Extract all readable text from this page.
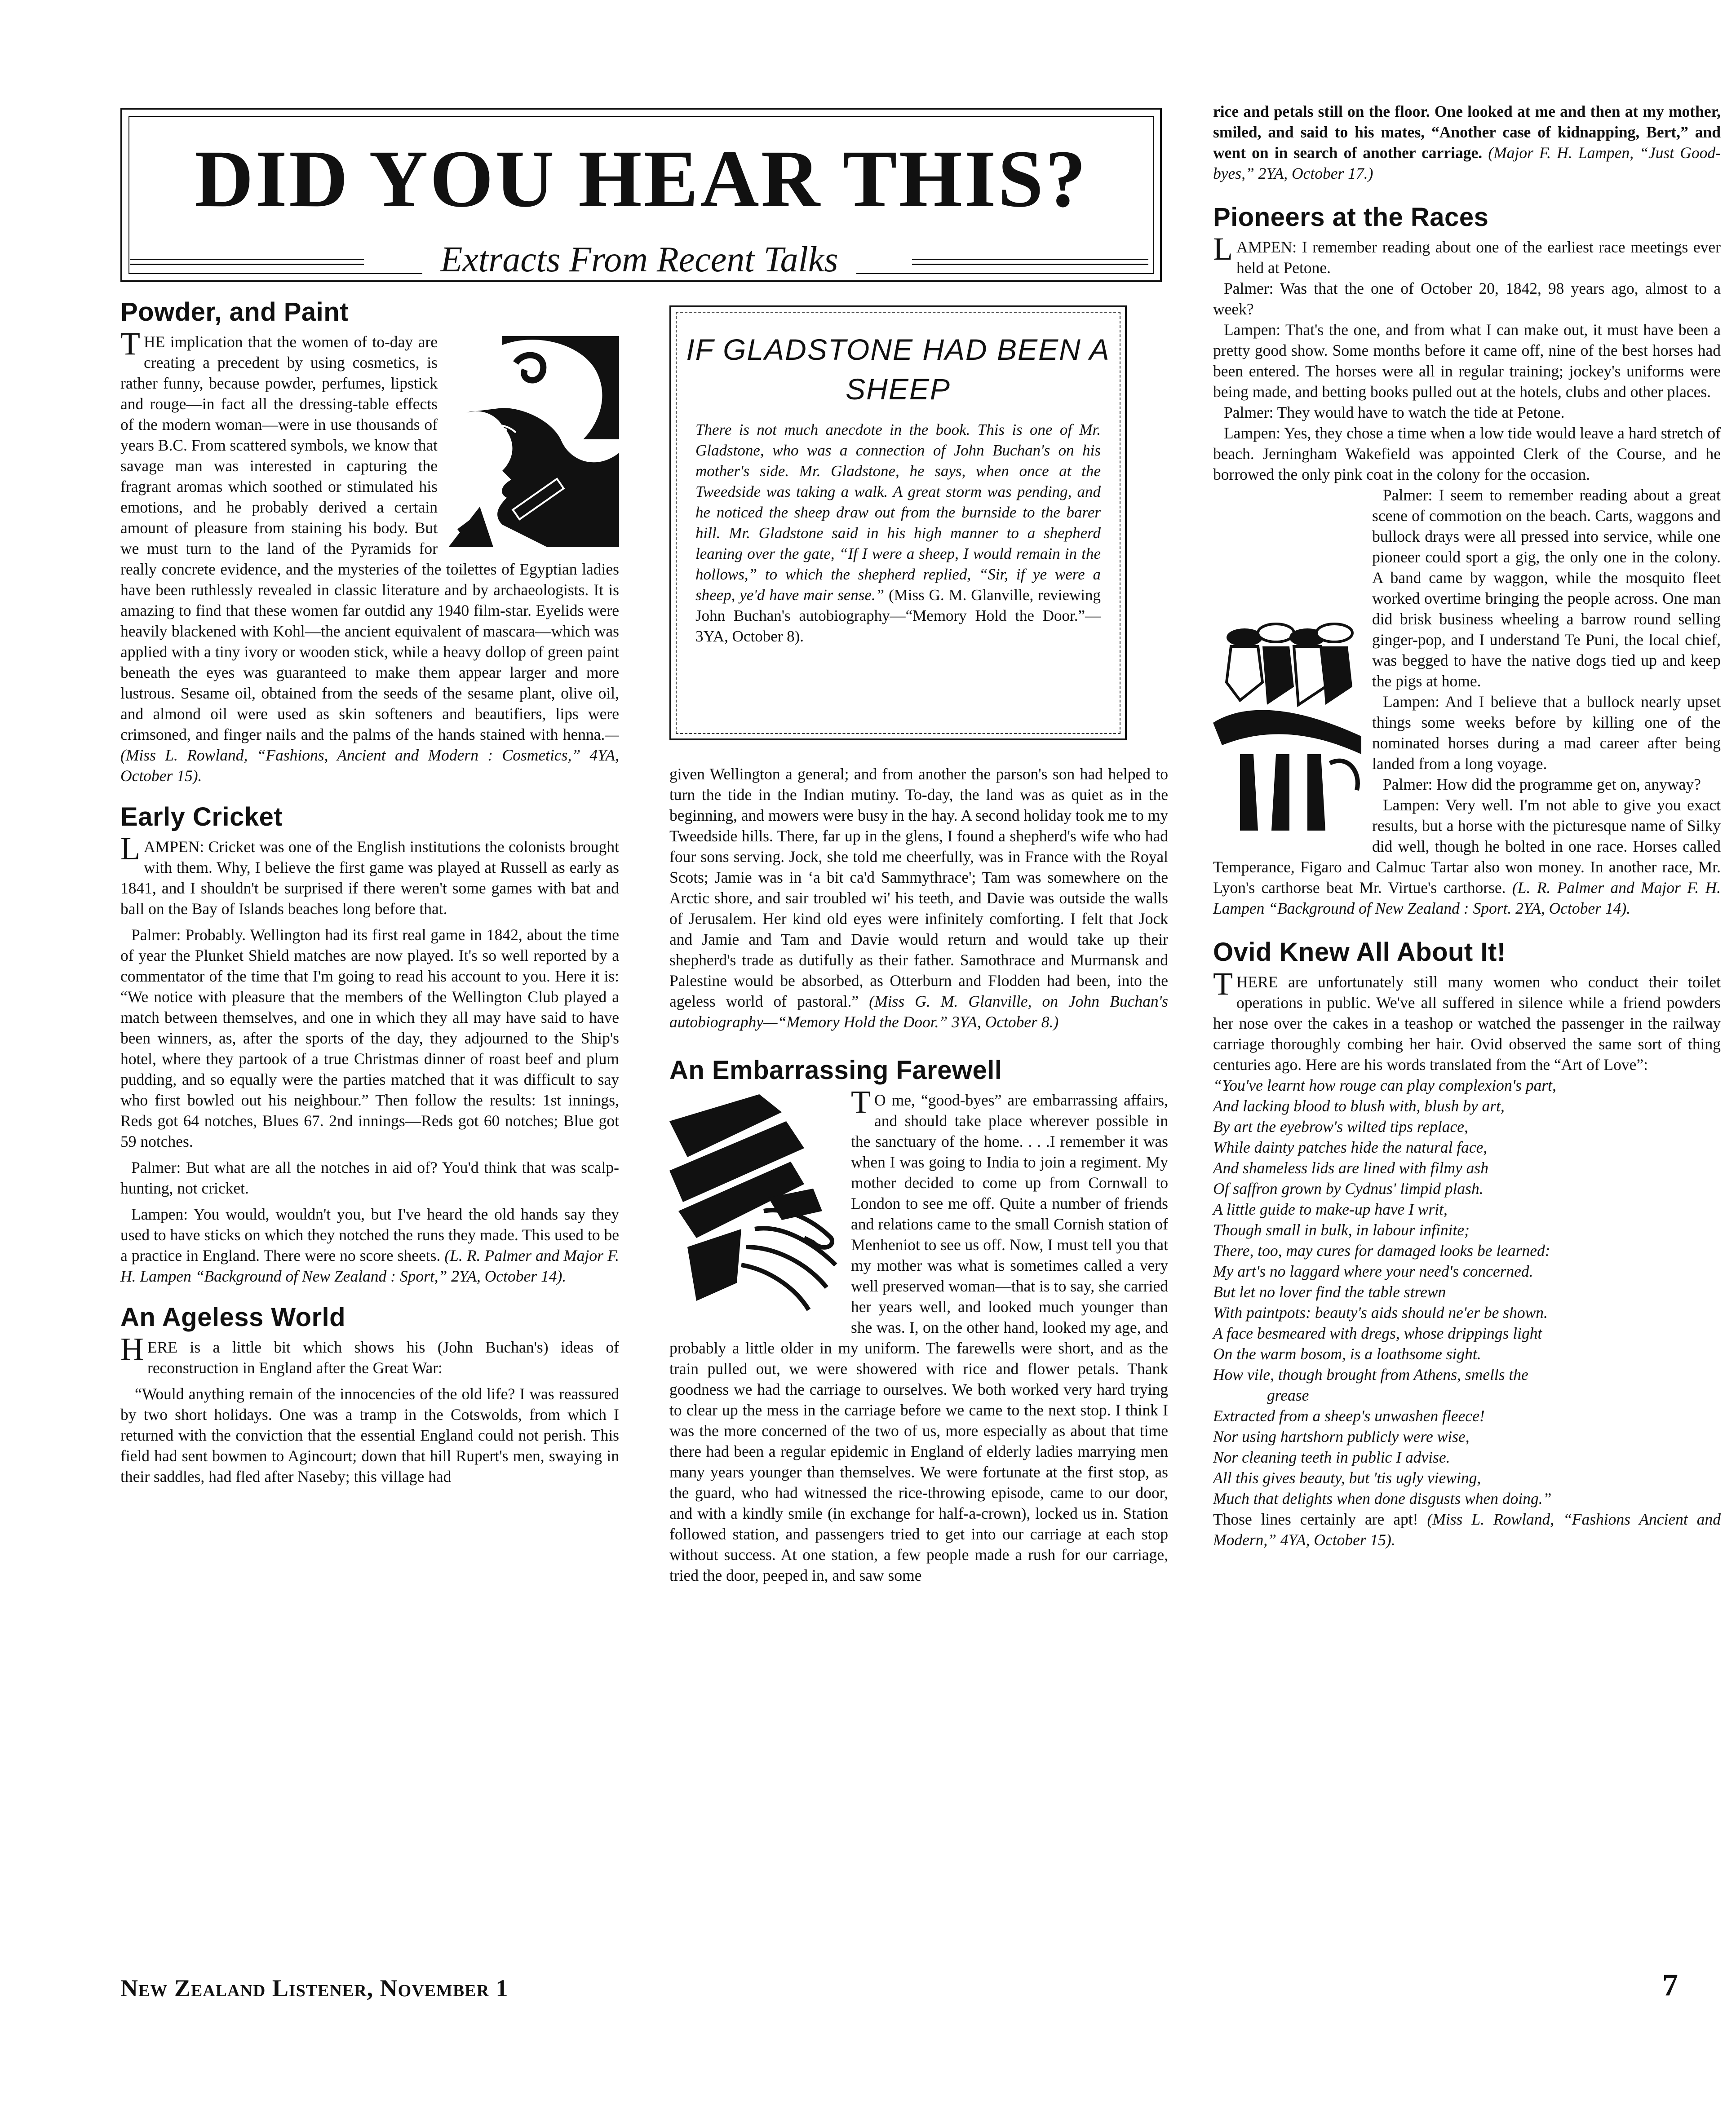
DID YOU HEAR THIS?
Extracts From Recent Talks
Powder, and Paint

THE implication that the women of to-day are creating a precedent by using cosmetics, is rather funny, because powder, perfumes, lipstick and rouge—in fact all the dressing-table effects of the modern woman—were in use thousands of years B.C. From scattered symbols, we know that savage man was interested in capturing the fragrant aromas which soothed or stimulated his emotions, and he probably derived a certain amount of pleasure from staining his body. But we must turn to the land of the Pyramids for really concrete evidence, and the mysteries of the toilettes of Egyptian ladies have been ruthlessly revealed in classic literature and by archaeologists. It is amazing to find that these women far outdid any 1940 film-star. Eyelids were heavily blackened with Kohl—the ancient equivalent of mascara—which was applied with a tiny ivory or wooden stick, while a heavy dollop of green paint beneath the eyes was guaranteed to make them appear larger and more lustrous. Sesame oil, obtained from the seeds of the sesame plant, olive oil, and almond oil were used as skin softeners and beautifiers, lips were crimsoned, and finger nails and the palms of the hands stained with henna.—(Miss L. Rowland, “Fashions, Ancient and Modern : Cosmetics,” 4YA, October 15).

Early Cricket

LAMPEN: Cricket was one of the English institutions the colonists brought with them. Why, I believe the first game was played at Russell as early as 1841, and I shouldn't be surprised if there weren't some games with bat and ball on the Bay of Islands beaches long before that.

Palmer: Probably. Wellington had its first real game in 1842, about the time of year the Plunket Shield matches are now played. It's so well reported by a commentator of the time that I'm going to read his account to you. Here it is: “We notice with pleasure that the members of the Wellington Club played a match between themselves, and one in which they all may have said to have been winners, as, after the sports of the day, they adjourned to the Ship's hotel, where they partook of a true Christmas dinner of roast beef and plum pudding, and so equally were the parties matched that it was difficult to say who first bowled out his neighbour.” Then follow the results: 1st innings, Reds got 64 notches, Blues 67. 2nd innings—Reds got 60 notches; Blue got 59 notches.

Palmer: But what are all the notches in aid of? You'd think that was scalp-hunting, not cricket.

Lampen: You would, wouldn't you, but I've heard the old hands say they used to have sticks on which they notched the runs they made. This used to be a practice in England. There were no score sheets. (L. R. Palmer and Major F. H. Lampen “Background of New Zealand : Sport,” 2YA, October 14).

An Ageless World

HERE is a little bit which shows his (John Buchan's) ideas of reconstruction in England after the Great War:

“Would anything remain of the innocencies of the old life? I was reassured by two short holidays. One was a tramp in the Cotswolds, from which I returned with the conviction that the essential England could not perish. This field had sent bowmen to Agincourt; down that hill Rupert's men, swaying in their saddles, had fled after Naseby; this village had

IF GLADSTONE HAD BEEN A SHEEP
There is not much anecdote in the book. This is one of Mr. Gladstone, who was a connection of John Buchan's on his mother's side. Mr. Gladstone, he says, when once at the Tweedside was taking a walk. A great storm was pending, and he noticed the sheep draw out from the burnside to the barer hill. Mr. Gladstone said in his high manner to a shepherd leaning over the gate, “If I were a sheep, I would remain in the hollows,” to which the shepherd replied, “Sir, if ye were a sheep, ye'd have mair sense.” (Miss G. M. Glanville, reviewing John Buchan's autobiography—“Memory Hold the Door.”—3YA, October 8).

given Wellington a general; and from another the parson's son had helped to turn the tide in the Indian mutiny. To-day, the land was as quiet as in the beginning, and mowers were busy in the hay. A second holiday took me to my Tweedside hills. There, far up in the glens, I found a shepherd's wife who had four sons serving. Jock, she told me cheerfully, was in France with the Royal Scots; Jamie was in ‘a bit ca'd Sammythrace'; Tam was somewhere on the Arctic shore, and sair troubled wi' his teeth, and Davie was outside the walls of Jerusalem. Her kind old eyes were infinitely comforting. I felt that Jock and Jamie and Tam and Davie would return and would take up their shepherd's trade as dutifully as their father. Samothrace and Murmansk and Palestine would be absorbed, as Otterburn and Flodden had been, into the ageless world of pastoral.” (Miss G. M. Glanville, on John Buchan's autobiography—“Memory Hold the Door.” 3YA, October 8.)

An Embarrassing Farewell

TO me, “good-byes” are embarrassing affairs, and should take place wherever possible in the sanctuary of the home. . . .I remember it was when I was going to India to join a regiment. My mother decided to come up from Cornwall to London to see me off. Quite a number of friends and relations came to the small Cornish station of Menheniot to see us off. Now, I must tell you that my mother was what is sometimes called a very well preserved woman—that is to say, she carried her years well, and looked much younger than she was. I, on the other hand, looked my age, and probably a little older in my uniform. The farewells were short, and as the train pulled out, we were showered with rice and flower petals. Thank goodness we had the carriage to ourselves. We both worked very hard trying to clear up the mess in the carriage before we came to the next stop. I think I was the more concerned of the two of us, more especially as about that time there had been a regular epidemic in England of elderly ladies marrying men many years younger than themselves. We were fortunate at the first stop, as the guard, who had witnessed the rice-throwing episode, came to our door, and with a kindly smile (in exchange for half-a-crown), locked us in. Station followed station, and passengers tried to get into our carriage at each stop without success. At one station, a few people made a rush for our carriage, tried the door, peeped in, and saw some

rice and petals still on the floor. One looked at me and then at my mother, smiled, and said to his mates, “Another case of kidnapping, Bert,” and went on in search of another carriage. (Major F. H. Lampen, “Just Good-byes,” 2YA, October 17.)

Pioneers at the Races

LAMPEN: I remember reading about one of the earliest race meetings ever held at Petone.

Palmer: Was that the one of October 20, 1842, 98 years ago, almost to a week?

Lampen: That's the one, and from what I can make out, it must have been a pretty good show. Some months before it came off, nine of the best horses had been entered. The horses were all in regular training; jockey's uniforms were being made, and betting books pulled out at the hotels, clubs and other places.

Palmer: They would have to watch the tide at Petone.

Lampen: Yes, they chose a time when a low tide would leave a hard stretch of beach. Jerningham Wakefield was appointed Clerk of the Course, and he borrowed the only pink coat in the colony for the occasion.

Palmer: I seem to remember reading about a great scene of commotion on the beach. Carts, waggons and bullock drays were all pressed into service, while one pioneer could sport a gig, the only one in the colony. A band came by waggon, while the mosquito fleet worked overtime bringing the people across. One man did brisk business wheeling a barrow round selling ginger-pop, and I understand Te Puni, the local chief, was begged to have the native dogs tied up and keep the pigs at home.

Lampen: And I believe that a bullock nearly upset things some weeks before by killing one of the nominated horses during a mad career after being landed from a long voyage.

Palmer: How did the programme get on, anyway?

Lampen: Very well. I'm not able to give you exact results, but a horse with the picturesque name of Silky did well, though he bolted in one race. Horses called Temperance, Figaro and Calmuc Tartar also won money. In another race, Mr. Lyon's carthorse beat Mr. Virtue's carthorse. (L. R. Palmer and Major F. H. Lampen “Background of New Zealand : Sport. 2YA, October 14).

Ovid Knew All About It!

THERE are unfortunately still many women who conduct their toilet operations in public. We've all suffered in silence while a friend powders her nose over the cakes in a teashop or watched the passenger in the railway carriage thoroughly combing her hair. Ovid observed the same sort of thing centuries ago. Here are his words translated from the “Art of Love”:

“You've learnt how rouge can play complexion's part,

And lacking blood to blush with, blush by art,

By art the eyebrow's wilted tips replace,

While dainty patches hide the natural face,

And shameless lids are lined with filmy ash

Of saffron grown by Cydnus' limpid plash.

A little guide to make-up have I writ,

Though small in bulk, in labour infinite;

There, too, may cures for damaged looks be learned:

My art's no laggard where your need's concerned.

But let no lover find the table strewn

With paintpots: beauty's aids should ne'er be shown.

A face besmeared with dregs, whose drippings light

On the warm bosom, is a loathsome sight.

How vile, though brought from Athens, smells the

grease

Extracted from a sheep's unwashen fleece!

Nor using hartshorn publicly were wise,

Nor cleaning teeth in public I advise.

All this gives beauty, but 'tis ugly viewing,

Much that delights when done disgusts when doing.”

Those lines certainly are apt! (Miss L. Rowland, “Fashions Ancient and Modern,” 4YA, October 15).

New Zealand Listener, November 1	7
